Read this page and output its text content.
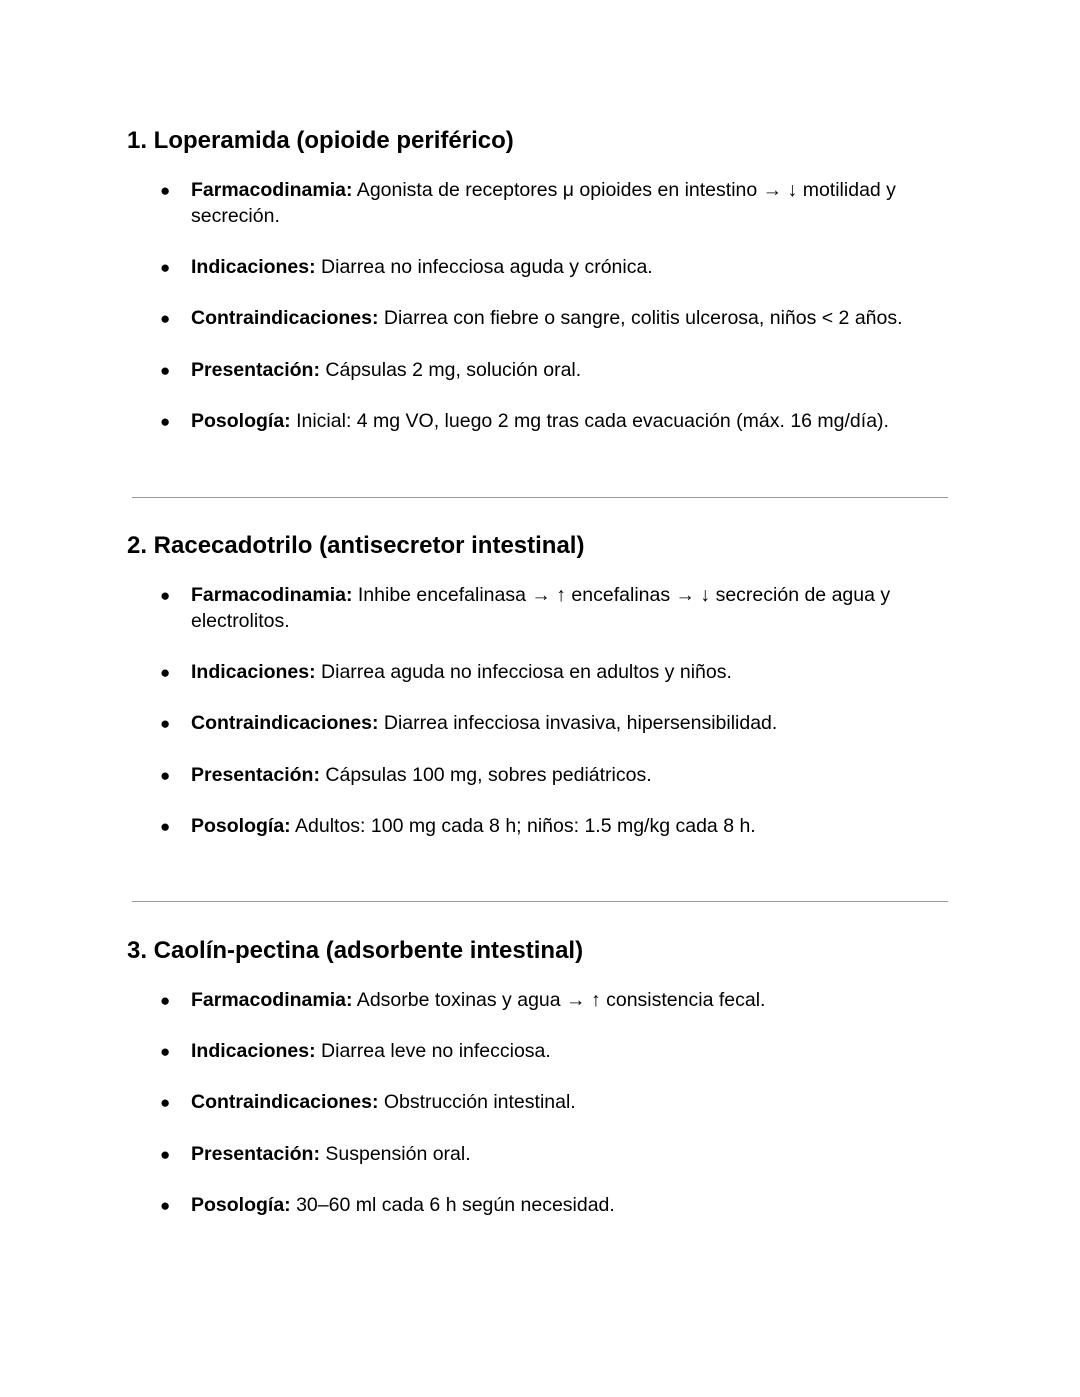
1. Loperamida (opioide periférico)
● Farmacodinamia: Agonista de receptores μ opioides en intestino → ↓ motilidad y secreción.
● Indicaciones: Diarrea no infecciosa aguda y crónica.
● Contraindicaciones: Diarrea con fiebre o sangre, colitis ulcerosa, niños < 2 años.
● Presentación: Cápsulas 2 mg, solución oral.
● Posología: Inicial: 4 mg VO, luego 2 mg tras cada evacuación (máx. 16 mg/día).
2. Racecadotrilo (antisecretor intestinal)
● Farmacodinamia: Inhibe encefalinasa → ↑ encefalinas → ↓ secreción de agua y electrolitos.
● Indicaciones: Diarrea aguda no infecciosa en adultos y niños.
● Contraindicaciones: Diarrea infecciosa invasiva, hipersensibilidad.
● Presentación: Cápsulas 100 mg, sobres pediátricos.
● Posología: Adultos: 100 mg cada 8 h; niños: 1.5 mg/kg cada 8 h.
3. Caolín-pectina (adsorbente intestinal)
● Farmacodinamia: Adsorbe toxinas y agua → ↑ consistencia fecal.
● Indicaciones: Diarrea leve no infecciosa.
● Contraindicaciones: Obstrucción intestinal.
● Presentación: Suspensión oral.
● Posología: 30–60 ml cada 6 h según necesidad.
